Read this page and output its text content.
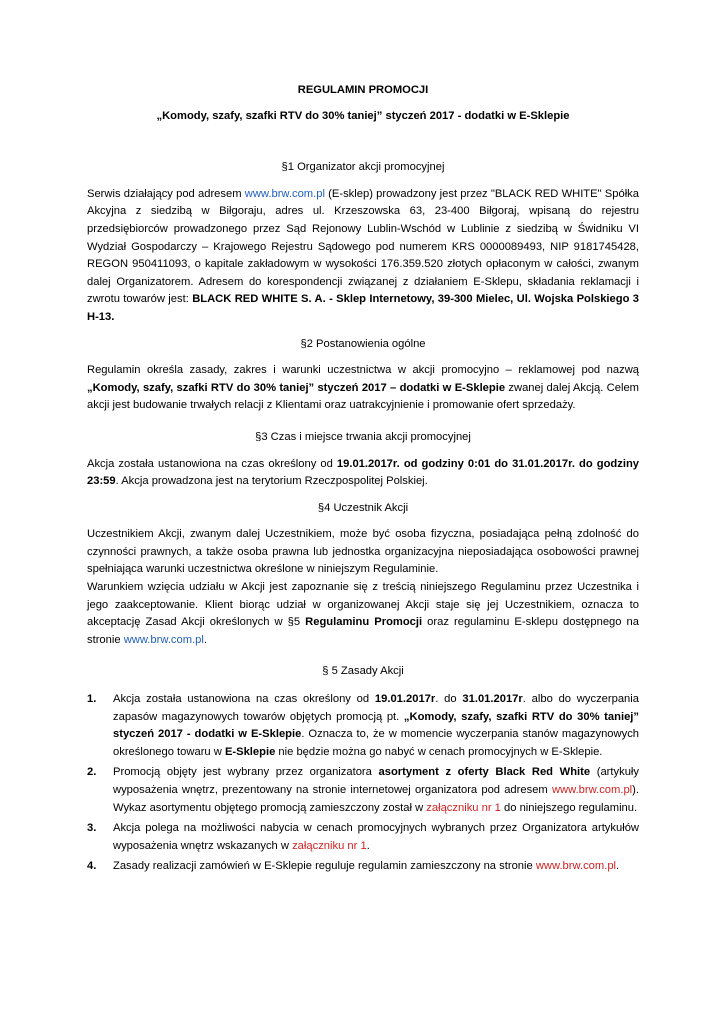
REGULAMIN PROMOCJI

„Komody, szafy, szafki RTV do 30% taniej” styczeń 2017 - dodatki w E-Sklepie

§1 Organizator akcji promocyjnej

Serwis działający pod adresem www.brw.com.pl (E-sklep) prowadzony jest przez "BLACK RED WHITE" Spółka Akcyjna z siedzibą w Biłgoraju, adres ul. Krzeszowska 63, 23-400 Biłgoraj, wpisaną do rejestru przedsiębiorców prowadzonego przez Sąd Rejonowy Lublin-Wschód w Lublinie z siedzibą w Świdniku VI Wydział Gospodarczy – Krajowego Rejestru Sądowego pod numerem KRS 0000089493, NIP 9181745428, REGON 950411093, o kapitale zakładowym w wysokości 176.359.520 złotych opłaconym w całości, zwanym dalej Organizatorem. Adresem do korespondencji związanej z działaniem E-Sklepu, składania reklamacji i zwrotu towarów jest: BLACK RED WHITE S. A. - Sklep Internetowy, 39-300 Mielec, Ul. Wojska Polskiego 3 H-13.

§2 Postanowienia ogólne

Regulamin określa zasady, zakres i warunki uczestnictwa w akcji promocyjno – reklamowej pod nazwą „Komody, szafy, szafki RTV do 30% taniej” styczeń 2017 – dodatki w E-Sklepie zwanej dalej Akcją. Celem akcji jest budowanie trwałych relacji z Klientami oraz uatrakcyjnienie i promowanie ofert sprzedaży.

§3 Czas i miejsce trwania akcji promocyjnej

Akcja została ustanowiona na czas określony od 19.01.2017r. od godziny 0:01 do 31.01.2017r. do godziny 23:59. Akcja prowadzona jest na terytorium Rzeczpospolitej Polskiej.

§4 Uczestnik Akcji

Uczestnikiem Akcji, zwanym dalej Uczestnikiem, może być osoba fizyczna, posiadająca pełną zdolność do czynności prawnych, a także osoba prawna lub jednostka organizacyjna nieposiadająca osobowości prawnej spełniająca warunki uczestnictwa określone w niniejszym Regulaminie.

Warunkiem wzięcia udziału w Akcji jest zapoznanie się z treścią niniejszego Regulaminu przez Uczestnika i jego zaakceptowanie. Klient biorąc udział w organizowanej Akcji staje się jej Uczestnikiem, oznacza to akceptację Zasad Akcji określonych w §5 Regulaminu Promocji oraz regulaminu E-sklepu dostępnego na stronie www.brw.com.pl.

§ 5 Zasady Akcji

1.	Akcja została ustanowiona na czas określony od 19.01.2017r. do 31.01.2017r. albo do wyczerpania zapasów magazynowych towarów objętych promocją pt. „Komody, szafy, szafki RTV do 30% taniej” styczeń 2017 - dodatki w E-Sklepie. Oznacza to, że w momencie wyczerpania stanów magazynowych określonego towaru w E-Sklepie nie będzie można go nabyć w cenach promocyjnych w E-Sklepie.
2.	Promocją objęty jest wybrany przez organizatora asortyment z oferty Black Red White (artykuły wyposażenia wnętrz, prezentowany na stronie internetowej organizatora pod adresem www.brw.com.pl). Wykaz asortymentu objętego promocją zamieszczony został w załączniku nr 1 do niniejszego regulaminu.
3.	Akcja polega na możliwości nabycia w cenach promocyjnych wybranych przez Organizatora artykułów wyposażenia wnętrz wskazanych w załączniku nr 1.
4.	Zasady realizacji zamówień w E-Sklepie reguluje regulamin zamieszczony na stronie www.brw.com.pl.
